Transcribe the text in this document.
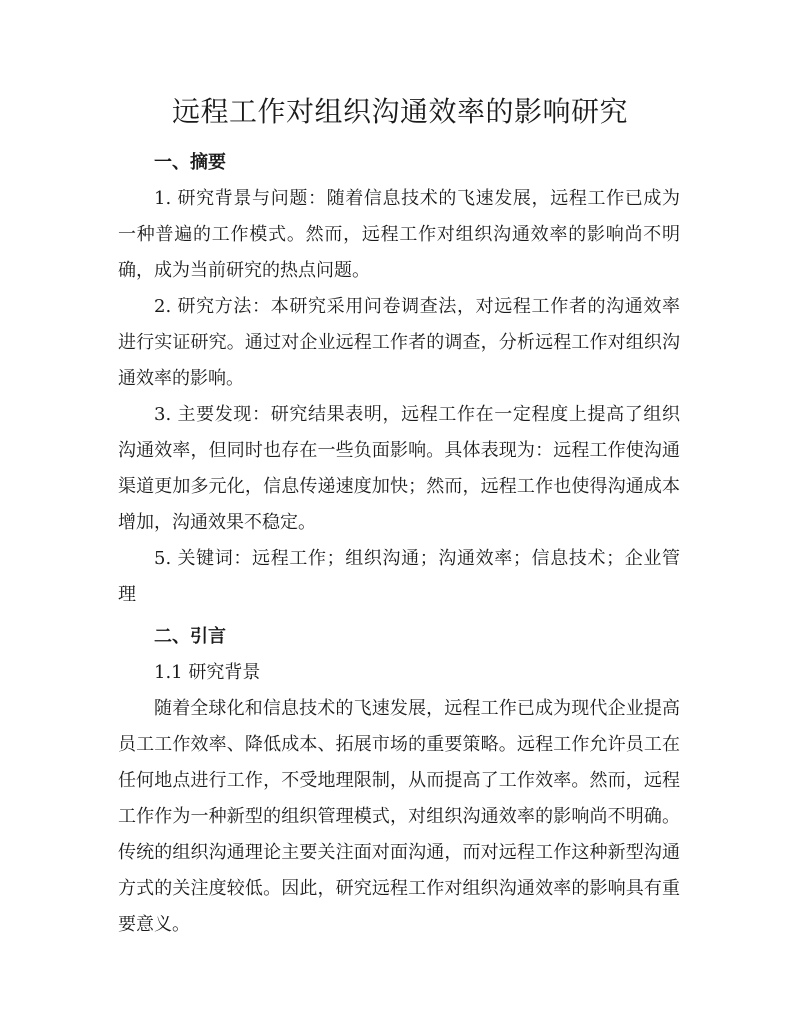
远程工作对组织沟通效率的影响研究
一、摘要

1. 研究背景与问题：随着信息技术的飞速发展，远程工作已成为一种普遍的工作模式。然而，远程工作对组织沟通效率的影响尚不明确，成为当前研究的热点问题。

2. 研究方法：本研究采用问卷调查法，对远程工作者的沟通效率进行实证研究。通过对企业远程工作者的调查，分析远程工作对组织沟通效率的影响。

3. 主要发现：研究结果表明，远程工作在一定程度上提高了组织沟通效率，但同时也存在一些负面影响。具体表现为：远程工作使沟通渠道更加多元化，信息传递速度加快；然而，远程工作也使得沟通成本增加，沟通效果不稳定。

5. 关键词：远程工作；组织沟通；沟通效率；信息技术；企业管理

二、引言

1.1 研究背景

随着全球化和信息技术的飞速发展，远程工作已成为现代企业提高员工工作效率、降低成本、拓展市场的重要策略。远程工作允许员工在任何地点进行工作，不受地理限制，从而提高了工作效率。然而，远程工作作为一种新型的组织管理模式，对组织沟通效率的影响尚不明确。传统的组织沟通理论主要关注面对面沟通，而对远程工作这种新型沟通方式的关注度较低。因此，研究远程工作对组织沟通效率的影响具有重要意义。
